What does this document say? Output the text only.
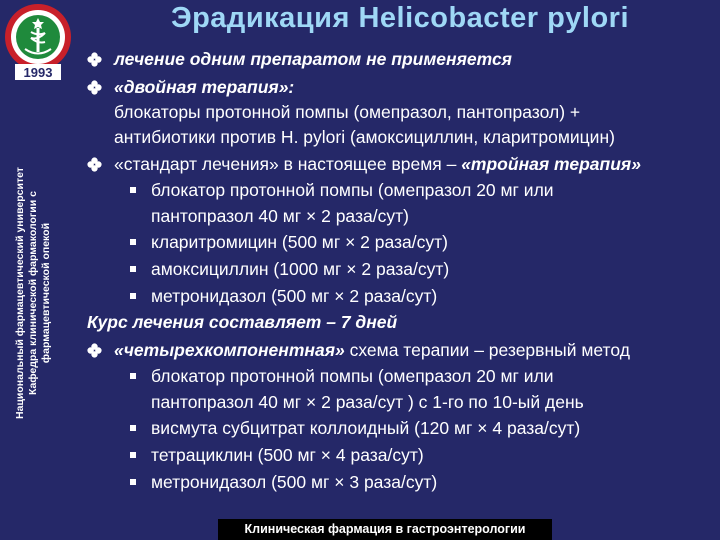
1993
Национальный фармацевтический университет Кафедра клинической фармакологии с фармацевтической опекой
Эрадикация Helicobacter pylori
лечение одним препаратом не применяется
«двойная терапия»:
блокаторы протонной помпы (омепразол, пантопразол) +
антибиотики против H. pylori (амоксициллин, кларитромицин)
«стандарт лечения» в настоящее время – «тройная терапия»
блокатор протонной помпы (омепразол 20 мг или
пантопразол 40 мг × 2 раза/сут)
кларитромицин (500 мг × 2 раза/сут)
амоксициллин (1000 мг × 2 раза/сут)
метронидазол (500 мг × 2 раза/сут)
Курс лечения составляет – 7 дней
«четырехкомпонентная» схема терапии – резервный метод
блокатор протонной помпы (омепразол 20 мг или
пантопразол 40 мг × 2 раза/сут ) с 1-го по 10-ый день
висмута субцитрат коллоидный (120 мг × 4 раза/сут)
тетрациклин (500 мг × 4 раза/сут)
метронидазол (500 мг × 3 раза/сут)
Клиническая фармация в гастроэнтерологии
